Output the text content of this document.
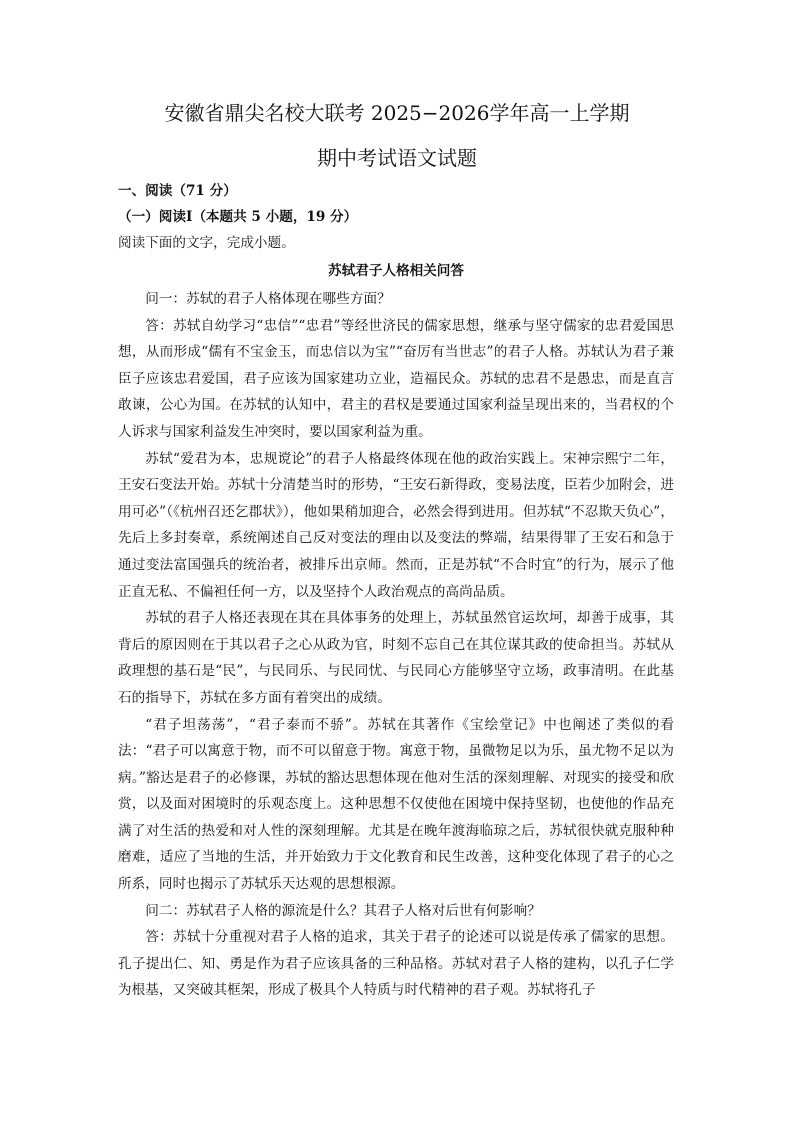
安徽省鼎尖名校大联考 2025−2026学年高一上学期
期中考试语文试题

一、阅读（71 分）

（一）阅读Ⅰ（本题共 5 小题，19 分）

阅读下面的文字，完成小题。

苏轼君子人格相关问答

问一：苏轼的君子人格体现在哪些方面？

答：苏轼自幼学习“忠信”“忠君”等经世济民的儒家思想，继承与坚守儒家的忠君爱国思想，从而形成“儒有不宝金玉，而忠信以为宝”“奋厉有当世志”的君子人格。苏轼认为君子兼臣子应该忠君爱国，君子应该为国家建功立业，造福民众。苏轼的忠君不是愚忠，而是直言敢谏，公心为国。在苏轼的认知中，君主的君权是要通过国家利益呈现出来的，当君权的个人诉求与国家利益发生冲突时，要以国家利益为重。

苏轼“爱君为本，忠规谠论”的君子人格最终体现在他的政治实践上。宋神宗熙宁二年，王安石变法开始。苏轼十分清楚当时的形势，“王安石新得政，变易法度，臣若少加附会，进用可必”（《杭州召还乞郡状》），他如果稍加迎合，必然会得到进用。但苏轼“不忍欺天负心”，先后上多封奏章，系统阐述自己反对变法的理由以及变法的弊端，结果得罪了王安石和急于通过变法富国强兵的统治者，被排斥出京师。然而，正是苏轼“不合时宜”的行为，展示了他正直无私、不偏袒任何一方，以及坚持个人政治观点的高尚品质。

苏轼的君子人格还表现在其在具体事务的处理上，苏轼虽然官运坎坷，却善于成事，其背后的原因则在于其以君子之心从政为官，时刻不忘自己在其位谋其政的使命担当。苏轼从政理想的基石是“民”，与民同乐、与民同忧、与民同心方能够坚守立场，政事清明。在此基石的指导下，苏轼在多方面有着突出的成绩。

“君子坦荡荡”，“君子泰而不骄”。苏轼在其著作《宝绘堂记》中也阐述了类似的看法：“君子可以寓意于物，而不可以留意于物。寓意于物，虽微物足以为乐，虽尤物不足以为病。”豁达是君子的必修课，苏轼的豁达思想体现在他对生活的深刻理解、对现实的接受和欣赏，以及面对困境时的乐观态度上。这种思想不仅使他在困境中保持坚韧，也使他的作品充满了对生活的热爱和对人性的深刻理解。尤其是在晚年渡海临琼之后，苏轼很快就克服种种磨难，适应了当地的生活，并开始致力于文化教育和民生改善，这种变化体现了君子的心之所系，同时也揭示了苏轼乐天达观的思想根源。

问二：苏轼君子人格的源流是什么？其君子人格对后世有何影响？

答：苏轼十分重视对君子人格的追求，其关于君子的论述可以说是传承了儒家的思想。孔子提出仁、知、勇是作为君子应该具备的三种品格。苏轼对君子人格的建构，以孔子仁学为根基，又突破其框架，形成了极具个人特质与时代精神的君子观。苏轼将孔子
